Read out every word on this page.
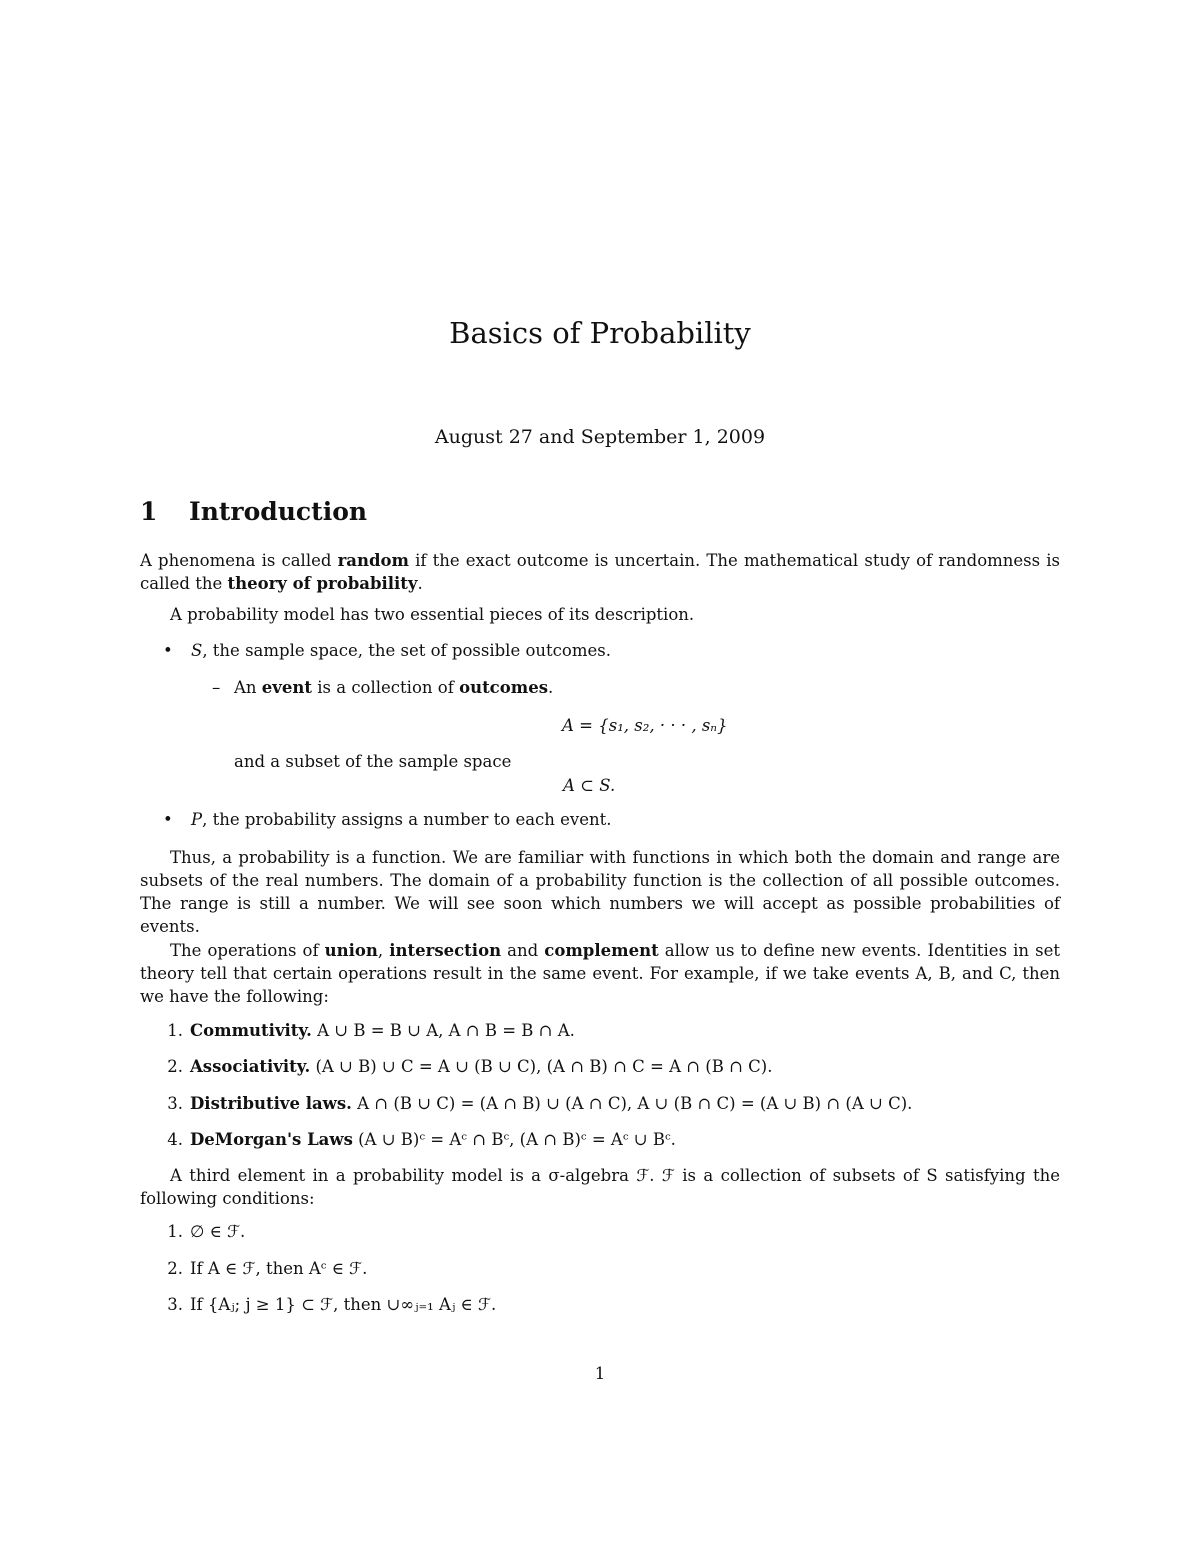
Basics of Probability
August 27 and September 1, 2009
1 Introduction
A phenomena is called random if the exact outcome is uncertain. The mathematical study of randomness is called the theory of probability.
A probability model has two essential pieces of its description.
• S, the sample space, the set of possible outcomes.
– An event is a collection of outcomes.
A = {s₁, s₂, · · · , sₙ}
and a subset of the sample space
A ⊂ S.
• P, the probability assigns a number to each event.
Thus, a probability is a function. We are familiar with functions in which both the domain and range are subsets of the real numbers. The domain of a probability function is the collection of all possible outcomes. The range is still a number. We will see soon which numbers we will accept as possible probabilities of events.
The operations of union, intersection and complement allow us to define new events. Identities in set theory tell that certain operations result in the same event. For example, if we take events A, B, and C, then we have the following:
1. Commutivity. A ∪ B = B ∪ A, A ∩ B = B ∩ A.
2. Associativity. (A ∪ B) ∪ C = A ∪ (B ∪ C), (A ∩ B) ∩ C = A ∩ (B ∩ C).
3. Distributive laws. A ∩ (B ∪ C) = (A ∩ B) ∪ (A ∩ C), A ∪ (B ∩ C) = (A ∪ B) ∩ (A ∪ C).
4. DeMorgan's Laws (A ∪ B)ᶜ = Aᶜ ∩ Bᶜ, (A ∩ B)ᶜ = Aᶜ ∪ Bᶜ.
A third element in a probability model is a σ-algebra ℱ. ℱ is a collection of subsets of S satisfying the following conditions:
1. ∅ ∈ ℱ.
2. If A ∈ ℱ, then Aᶜ ∈ ℱ.
3. If {Aⱼ; j ≥ 1} ⊂ ℱ, then ∪∞ⱼ₌₁ Aⱼ ∈ ℱ.
1
